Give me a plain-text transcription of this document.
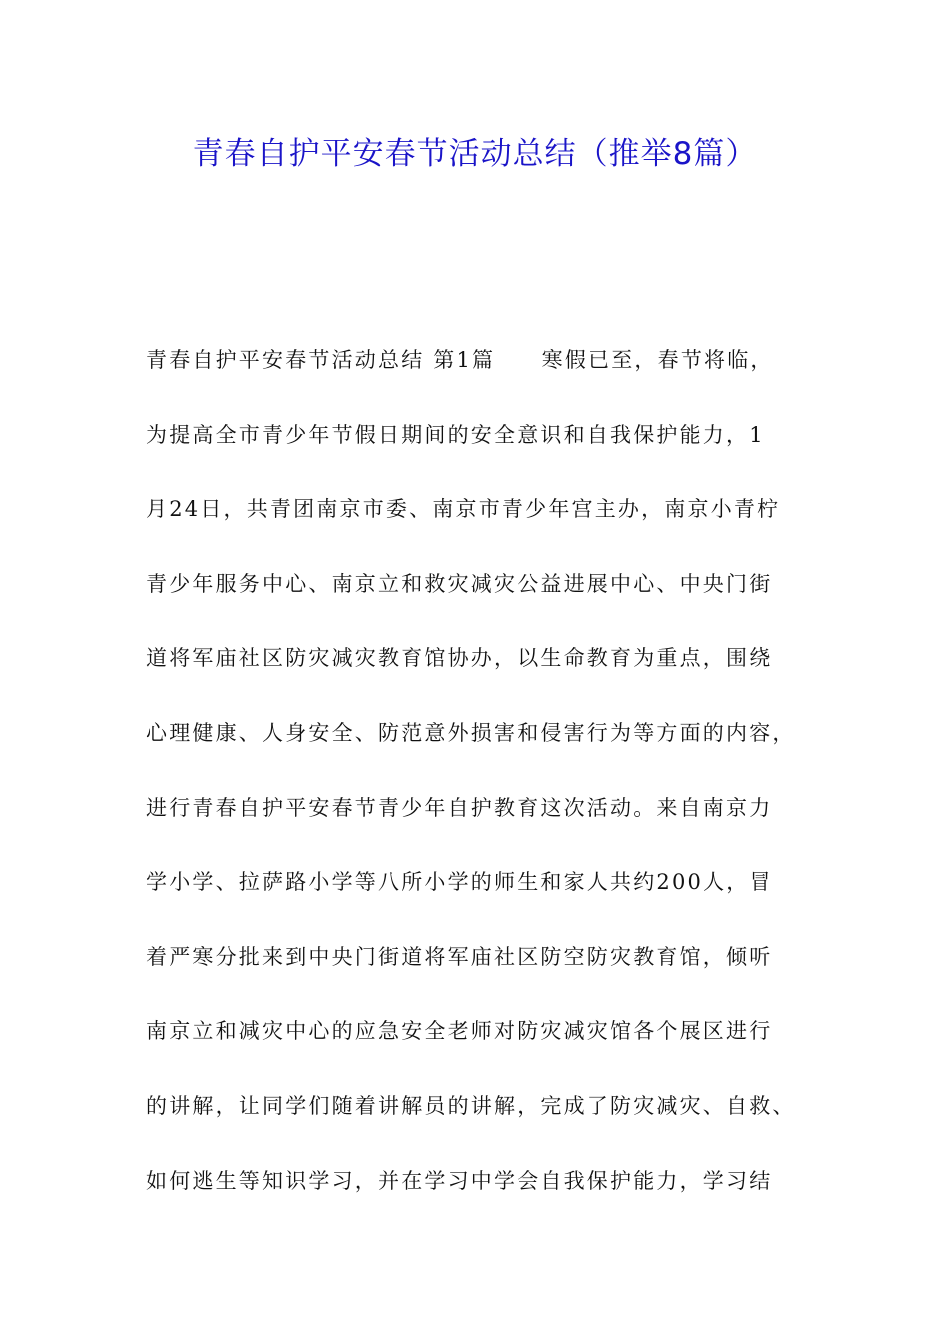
青春自护平安春节活动总结（推举8篇）
青春自护平安春节活动总结 第1篇　　寒假已至，春节将临，
为提高全市青少年节假日期间的安全意识和自我保护能力，1
月24日，共青团南京市委、南京市青少年宫主办，南京小青柠
青少年服务中心、南京立和救灾减灾公益进展中心、中央门街
道将军庙社区防灾减灾教育馆协办，以生命教育为重点，围绕
心理健康、人身安全、防范意外损害和侵害行为等方面的内容，
进行青春自护平安春节青少年自护教育这次活动。来自南京力
学小学、拉萨路小学等八所小学的师生和家人共约200人，冒
着严寒分批来到中央门街道将军庙社区防空防灾教育馆，倾听
南京立和减灾中心的应急安全老师对防灾减灾馆各个展区进行
的讲解，让同学们随着讲解员的讲解，完成了防灾减灾、自救、
如何逃生等知识学习，并在学习中学会自我保护能力，学习结
